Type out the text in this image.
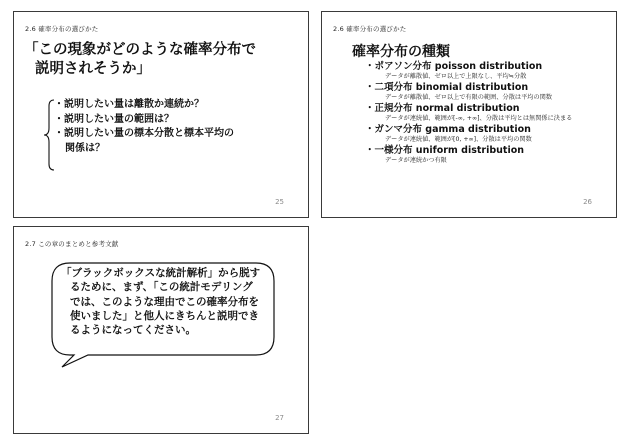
2.6 確率分布の選びかた
「この現象がどのような確率分布で
説明されそうか」
・説明したい量は離散か連続か？
・説明したい量の範囲は？
・説明したい量の標本分散と標本平均の
関係は？
25
2.6 確率分布の選びかた
確率分布の種類
・ポアソン分布 poisson distribution
データが離散値、ゼロ以上で上限なし、平均≒分散
・二項分布 binomial distribution
データが離散値、ゼロ以上で有限の範囲、分散は平均の関数
・正規分布 normal distribution
データが連続値、範囲が[-∞, +∞]、分散は平均とは無関係に決まる
・ガンマ分布 gamma distribution
データが連続値、範囲が[0, +∞]、分散は平均の関数
・一様分布 uniform distribution
データが連続かつ有限
26
2.7 この章のまとめと参考文献
「ブラックボックスな統計解析」から脱す
るために、まず、「この統計モデリング
では、このような理由でこの確率分布を
使いました」と他人にきちんと説明でき
るようになってください。
27
